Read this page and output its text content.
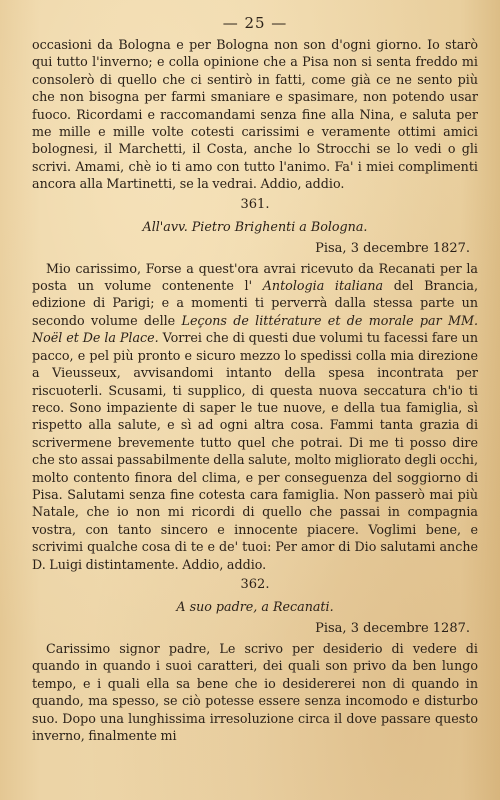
— 25 —

occasioni da Bologna e per Bologna non son d'ogni giorno. Io starò qui tutto l'inverno; e colla opinione che a Pisa non si senta freddo mi consolerò di quello che ci sentirò in fatti, come già ce ne sento più che non bisogna per farmi smaniare e spasimare, non potendo usar fuoco. Ricordami e raccomandami senza fine alla Nina, e saluta per me mille e mille volte cotesti carissimi e veramente ottimi amici bolognesi, il Marchetti, il Costa, anche lo Strocchi se lo vedi o gli scrivi. Amami, chè io ti amo con tutto l'animo. Fa' i miei complimenti ancora alla Martinetti, se la vedrai. Addio, addio.

361.
All'avv. Pietro Brighenti a Bologna.
Pisa, 3 decembre 1827.

Mio carissimo, Forse a quest'ora avrai ricevuto da Recanati per la posta un volume contenente l' Antologia italiana del Brancia, edizione di Parigi; e a momenti ti perverrà dalla stessa parte un secondo volume delle Leçons de littérature et de morale par MM. Noël et De la Place. Vorrei che di questi due volumi tu facessi fare un pacco, e pel più pronto e sicuro mezzo lo spedissi colla mia direzione a Vieusseux, avvisandomi intanto della spesa incontrata per riscuoterli. Scusami, ti supplico, di questa nuova seccatura ch'io ti reco. Sono impaziente di saper le tue nuove, e della tua famiglia, sì rispetto alla salute, e sì ad ogni altra cosa. Fammi tanta grazia di scrivermene brevemente tutto quel che potrai. Di me ti posso dire che sto assai passabilmente della salute, molto migliorato degli occhi, molto contento finora del clima, e per conseguenza del soggiorno di Pisa. Salutami senza fine cotesta cara famiglia. Non passerò mai più Natale, che io non mi ricordi di quello che passai in compagnia vostra, con tanto sincero e innocente piacere. Voglimi bene, e scrivimi qualche cosa di te e de' tuoi: Per amor di Dio salutami anche D. Luigi distintamente. Addio, addio.

362.
A suo padre, a Recanati.
Pisa, 3 decembre 1287.

Carissimo signor padre, Le scrivo per desiderio di vedere di quando in quando i suoi caratteri, dei quali son privo da ben lungo tempo, e i quali ella sa bene che io desidererei non di quando in quando, ma spesso, se ciò potesse essere senza incomodo e disturbo suo. Dopo una lunghissima irresoluzione circa il dove passare questo inverno, finalmente mi
